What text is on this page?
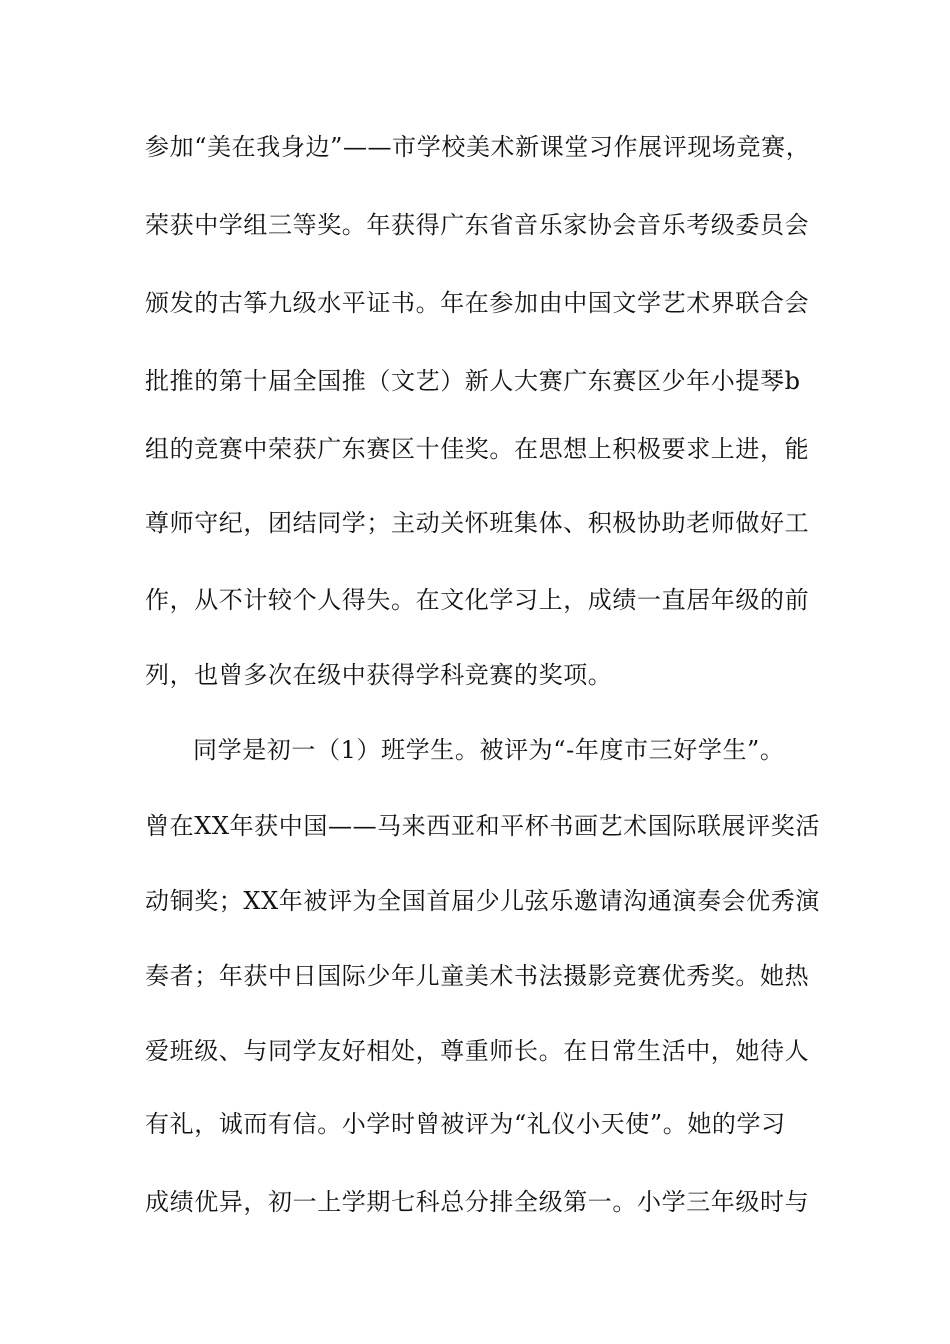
参加“美在我身边”——市学校美术新课堂习作展评现场竞赛，
荣获中学组三等奖。年获得广东省音乐家协会音乐考级委员会
颁发的古筝九级水平证书。年在参加由中国文学艺术界联合会
批推的第十届全国推（文艺）新人大赛广东赛区少年小提琴b
组的竞赛中荣获广东赛区十佳奖。在思想上积极要求上进，能
尊师守纪，团结同学；主动关怀班集体、积极协助老师做好工
作，从不计较个人得失。在文化学习上，成绩一直居年级的前
列，也曾多次在级中获得学科竞赛的奖项。
同学是初一（1）班学生。被评为“-年度市三好学生”。
曾在XX年获中国——马来西亚和平杯书画艺术国际联展评奖活
动铜奖；XX年被评为全国首届少儿弦乐邀请沟通演奏会优秀演
奏者；年获中日国际少年儿童美术书法摄影竞赛优秀奖。她热
爱班级、与同学友好相处，尊重师长。在日常生活中，她待人
有礼，诚而有信。小学时曾被评为“礼仪小天使”。她的学习
成绩优异，初一上学期七科总分排全级第一。小学三年级时与
